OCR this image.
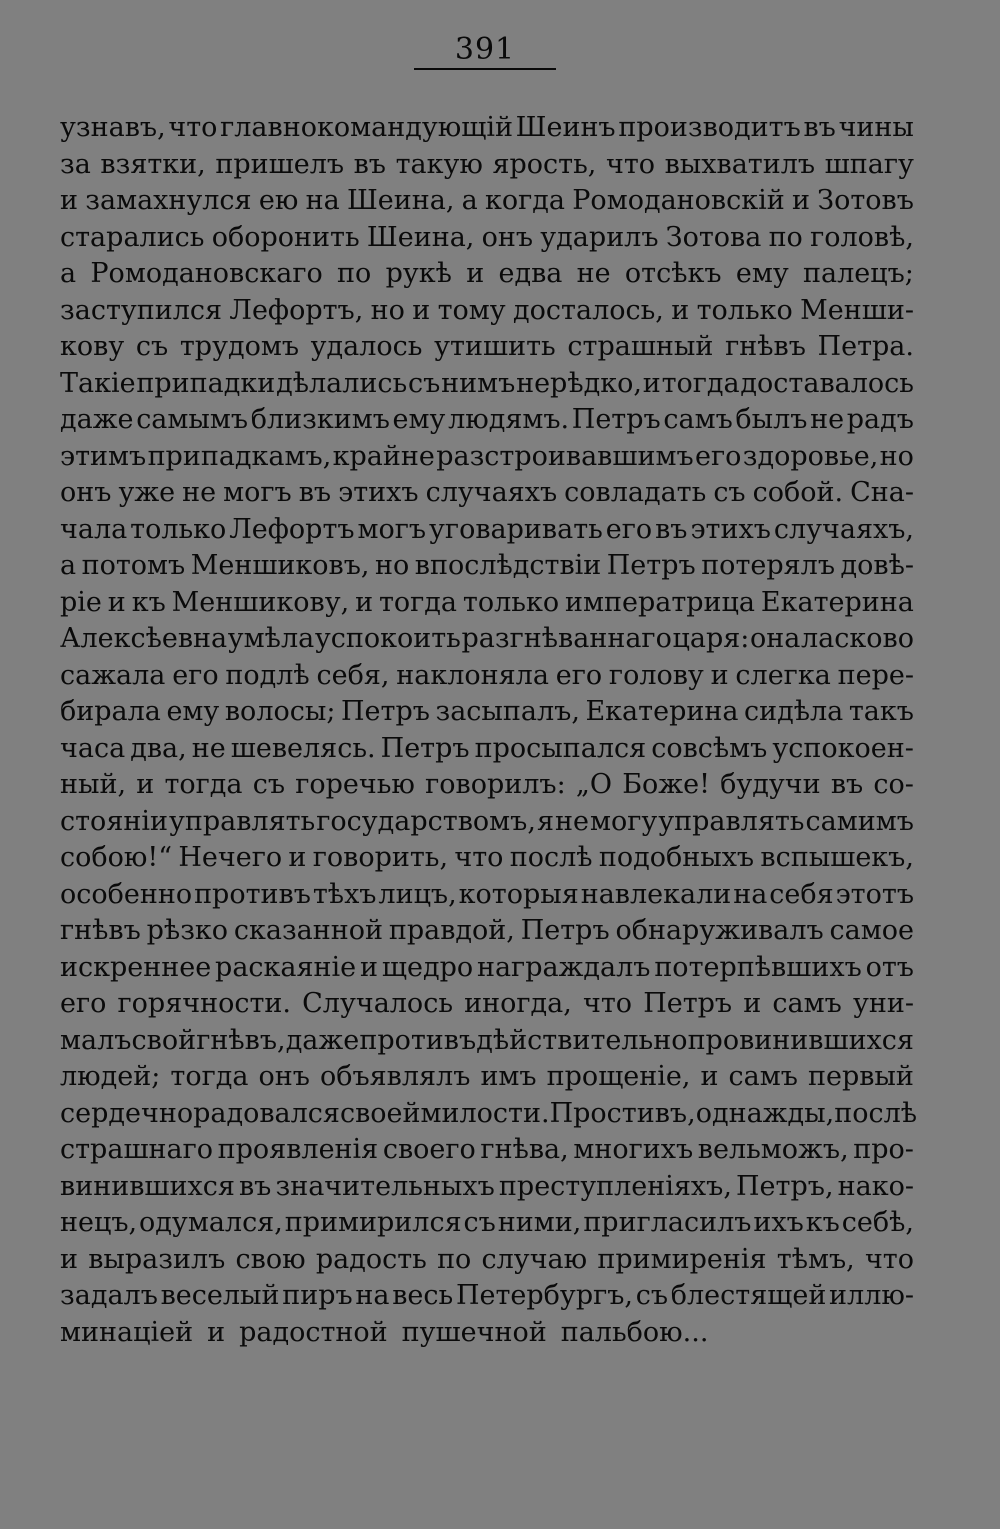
391
узнавъ, что главнокомандующій Шеинъ производитъ въ чины
за взятки, пришелъ въ такую ярость, что выхватилъ шпагу
и замахнулся ею на Шеина, а когда Ромодановскій и Зотовъ
старались оборонить Шеина, онъ ударилъ Зотова по головѣ,
а Ромодановскаго по рукѣ и едва не отсѣкъ ему палецъ;
заступился Лефортъ, но и тому досталось, и только Менши-
кову съ трудомъ удалось утишить страшный гнѣвъ Петра.
Такіе припадки дѣлались съ нимъ нерѣдко, и тогда доставалось
даже самымъ близкимъ ему людямъ. Петръ самъ былъ не радъ
этимъ припадкамъ, крайне разстроивавшимъ его здоровье, но
онъ уже не могъ въ этихъ случаяхъ совладать съ собой. Сна-
чала только Лефортъ могъ уговаривать его въ этихъ случаяхъ,
а потомъ Меншиковъ, но впослѣдствіи Петръ потерялъ довѣ-
ріе и къ Меншикову, и тогда только императрица Екатерина
Алексѣевна умѣла успокоить разгнѣваннаго царя: она ласково
сажала его подлѣ себя, наклоняла его голову и слегка пере-
бирала ему волосы; Петръ засыпалъ, Екатерина сидѣла такъ
часа два, не шевелясь. Петръ просыпался совсѣмъ успокоен-
ный, и тогда съ горечью говорилъ: „О Боже! будучи въ со-
стояніи управлять государствомъ, я не могу управлять самимъ
собою!“ Нечего и говорить, что послѣ подобныхъ вспышекъ,
особенно противъ тѣхъ лицъ, которыя навлекали на себя этотъ
гнѣвъ рѣзко сказанной правдой, Петръ обнаруживалъ самое
искреннее раскаяніе и щедро награждалъ потерпѣвшихъ отъ
его горячности. Случалось иногда, что Петръ и самъ уни-
малъ свой гнѣвъ, даже противъ дѣйствительно провинившихся
людей; тогда онъ объявлялъ имъ прощеніе, и самъ первый
сердечно радовался своей милости. Простивъ, однажды, послѣ
страшнаго проявленія своего гнѣва, многихъ вельможъ, про-
винившихся въ значительныхъ преступленіяхъ, Петръ, нако-
нецъ, одумался, примирился съ ними, пригласилъ ихъ къ себѣ,
и выразилъ свою радость по случаю примиренія тѣмъ, что
задалъ веселый пиръ на весь Петербургъ, съ блестящей иллю-
минаціей и радостной пушечной пальбою...
